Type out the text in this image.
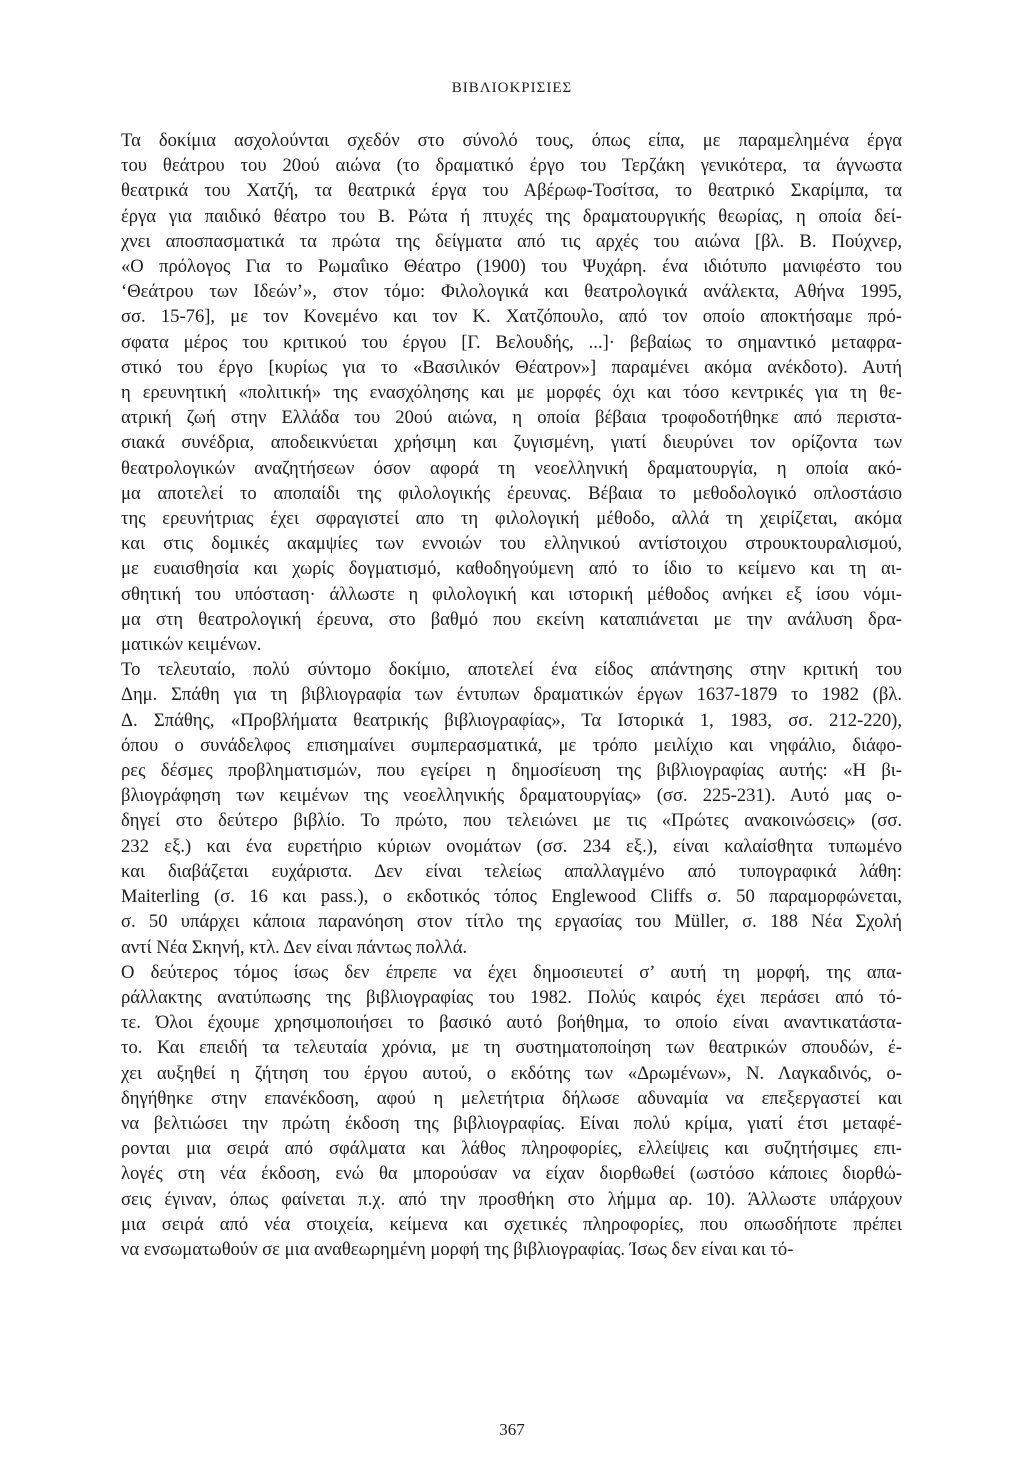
ΒΙΒΛΙΟΚΡΙΣΙΕΣ

Τα δοκίμια ασχολούνται σχεδόν στο σύνολό τους, όπως είπα, με παραμελημένα έργα
του θεάτρου του 20ού αιώνα (το δραματικό έργο του Τερζάκη γενικότερα, τα άγνωστα
θεατρικά του Χατζή, τα θεατρικά έργα του Αβέρωφ-Τοσίτσα, το θεατρικό Σκαρίμπα, τα
έργα για παιδικό θέατρο του Β. Ρώτα ή πτυχές της δραματουργικής θεωρίας, η οποία δεί-
χνει αποσπασματικά τα πρώτα της δείγματα από τις αρχές του αιώνα [βλ. Β. Πούχνερ,
«Ο πρόλογος Για το Ρωμαΐικο Θέατρο (1900) του Ψυχάρη. ένα ιδιότυπο μανιφέστο του
‘Θεάτρου των Ιδεών’», στον τόμο: Φιλολογικά και θεατρολογικά ανάλεκτα, Αθήνα 1995,
σσ. 15-76], με τον Κονεμένο και τον Κ. Χατζόπουλο, από τον οποίο αποκτήσαμε πρό-
σφατα μέρος του κριτικού του έργου [Γ. Βελουδής, ...]· βεβαίως το σημαντικό μεταφρα-
στικό του έργο [κυρίως για το «Βασιλικόν Θέατρον»] παραμένει ακόμα ανέκδοτο). Αυτή
η ερευνητική «πολιτική» της ενασχόλησης και με μορφές όχι και τόσο κεντρικές για τη θε-
ατρική ζωή στην Ελλάδα του 20ού αιώνα, η οποία βέβαια τροφοδοτήθηκε από περιστα-
σιακά συνέδρια, αποδεικνύεται χρήσιμη και ζυγισμένη, γιατί διευρύνει τον ορίζοντα των
θεατρολογικών αναζητήσεων όσον αφορά τη νεοελληνική δραματουργία, η οποία ακό-
μα αποτελεί το αποπαίδι της φιλολογικής έρευνας. Βέβαια το μεθοδολογικό οπλοστάσιο
της ερευνήτριας έχει σφραγιστεί απο τη φιλολογική μέθοδο, αλλά τη χειρίζεται, ακόμα
και στις δομικές ακαμψίες των εννοιών του ελληνικού αντίστοιχου στρουκτουραλισμού,
με ευαισθησία και χωρίς δογματισμό, καθοδηγούμενη από το ίδιο το κείμενο και τη αι-
σθητική του υπόσταση· άλλωστε η φιλολογική και ιστορική μέθοδος ανήκει εξ ίσου νόμι-
μα στη θεατρολογική έρευνα, στο βαθμό που εκείνη καταπιάνεται με την ανάλυση δρα-
ματικών κειμένων.

Το τελευταίο, πολύ σύντομο δοκίμιο, αποτελεί ένα είδος απάντησης στην κριτική του
Δημ. Σπάθη για τη βιβλιογραφία των έντυπων δραματικών έργων 1637-1879 το 1982 (βλ.
Δ. Σπάθης, «Προβλήματα θεατρικής βιβλιογραφίας», Τα Ιστορικά 1, 1983, σσ. 212-220),
όπου ο συνάδελφος επισημαίνει συμπερασματικά, με τρόπο μειλίχιο και νηφάλιο, διάφο-
ρες δέσμες προβληματισμών, που εγείρει η δημοσίευση της βιβλιογραφίας αυτής: «Η βι-
βλιογράφηση των κειμένων της νεοελληνικής δραματουργίας» (σσ. 225-231). Αυτό μας ο-
δηγεί στο δεύτερο βιβλίο. Το πρώτο, που τελειώνει με τις «Πρώτες ανακοινώσεις» (σσ.
232 εξ.) και ένα ευρετήριο κύριων ονομάτων (σσ. 234 εξ.), είναι καλαίσθητα τυπωμένο
και διαβάζεται ευχάριστα. Δεν είναι τελείως απαλλαγμένο από τυπογραφικά λάθη:
Maiterling (σ. 16 και pass.), ο εκδοτικός τόπος Englewood Cliffs σ. 50 παραμορφώνεται,
σ. 50 υπάρχει κάποια παρανόηση στον τίτλο της εργασίας του Müller, σ. 188 Νέα Σχολή
αντί Νέα Σκηνή, κτλ. Δεν είναι πάντως πολλά.

Ο δεύτερος τόμος ίσως δεν έπρεπε να έχει δημοσιευτεί σ’ αυτή τη μορφή, της απα-
ράλλακτης ανατύπωσης της βιβλιογραφίας του 1982. Πολύς καιρός έχει περάσει από τό-
τε. Όλοι έχουμε χρησιμοποιήσει το βασικό αυτό βοήθημα, το οποίο είναι αναντικατάστα-
το. Και επειδή τα τελευταία χρόνια, με τη συστηματοποίηση των θεατρικών σπουδών, έ-
χει αυξηθεί η ζήτηση του έργου αυτού, ο εκδότης των «Δρωμένων», Ν. Λαγκαδινός, ο-
δηγήθηκε στην επανέκδοση, αφού η μελετήτρια δήλωσε αδυναμία να επεξεργαστεί και
να βελτιώσει την πρώτη έκδοση της βιβλιογραφίας. Είναι πολύ κρίμα, γιατί έτσι μεταφέ-
ρονται μια σειρά από σφάλματα και λάθος πληροφορίες, ελλείψεις και συζητήσιμες επι-
λογές στη νέα έκδοση, ενώ θα μπορούσαν να είχαν διορθωθεί (ωστόσο κάποιες διορθώ-
σεις έγιναν, όπως φαίνεται π.χ. από την προσθήκη στο λήμμα αρ. 10). Άλλωστε υπάρχουν
μια σειρά από νέα στοιχεία, κείμενα και σχετικές πληροφορίες, που οπωσδήποτε πρέπει
να ενσωματωθούν σε μια αναθεωρημένη μορφή της βιβλιογραφίας. Ίσως δεν είναι και τό-

367
